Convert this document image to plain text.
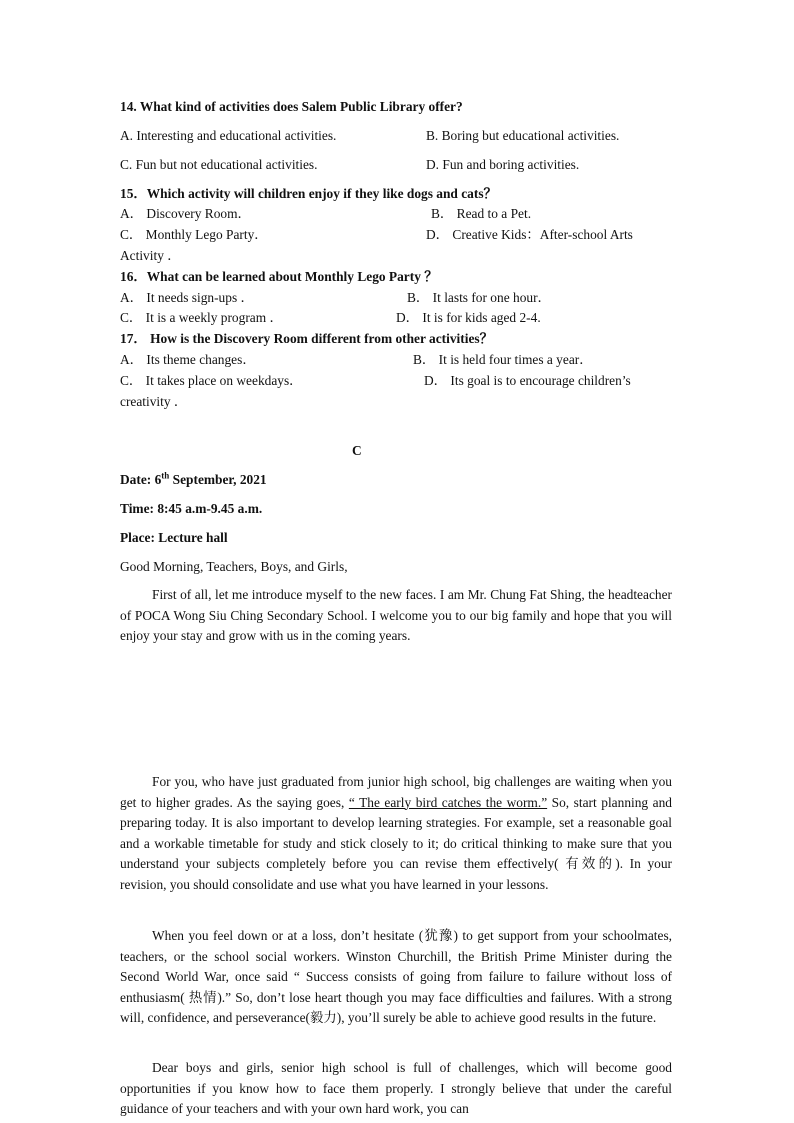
14. What kind of activities does Salem Public Library offer?
A. Interesting and educational activities.	B. Boring but educational activities.
C. Fun but not educational activities.	D. Fun and boring activities.
15．Which activity will children enjoy if they like dogs and cats？
A． Discovery Room．	B． Read to a Pet.
C． Monthly Lego Party．	D． Creative Kids：After-school Arts
Activity ．
16．What can be learned about Monthly Lego Party ？
A． It needs sign-ups ．	B． It lasts for one hour．
C． It is a weekly program ．	D． It is for kids aged 2-4.
17． How is the Discovery Room different from other activities？
A． Its theme changes．	B． It is held four times a year．
C． It takes place on weekdays．	D． Its goal is to encourage children’s
creativity ．
C
Date: 6th September, 2021
Time: 8:45 a.m-9.45 a.m.
Place: Lecture hall
Good Morning, Teachers, Boys, and Girls,

First of all, let me introduce myself to the new faces. I am Mr. Chung Fat Shing, the headteacher of POCA Wong Siu Ching Secondary School. I welcome you to our big family and hope that you will enjoy your stay and grow with us in the coming years.

For you, who have just graduated from junior high school, big challenges are waiting when you get to higher grades. As the saying goes, “ The early bird catches the worm.” So, start planning and preparing today. It is also important to develop learning strategies. For example, set a reasonable goal and a workable timetable for study and stick closely to it; do critical thinking to make sure that you understand your subjects completely before you can revise them effectively( 有效的). In your revision, you should consolidate and use what you have learned in your lessons.

When you feel down or at a loss, don’t hesitate (犹豫) to get support from your schoolmates, teachers, or the school social workers. Winston Churchill, the British Prime Minister during the Second World War, once said “ Success consists of going from failure to failure without loss of enthusiasm( 热情).” So, don’t lose heart though you may face difficulties and failures. With a strong will, confidence, and perseverance(毅力), you’ll surely be able to achieve good results in the future.

Dear boys and girls, senior high school is full of challenges, which will become good opportunities if you know how to face them properly. I strongly believe that under the careful guidance of your teachers and with your own hard work, you can
